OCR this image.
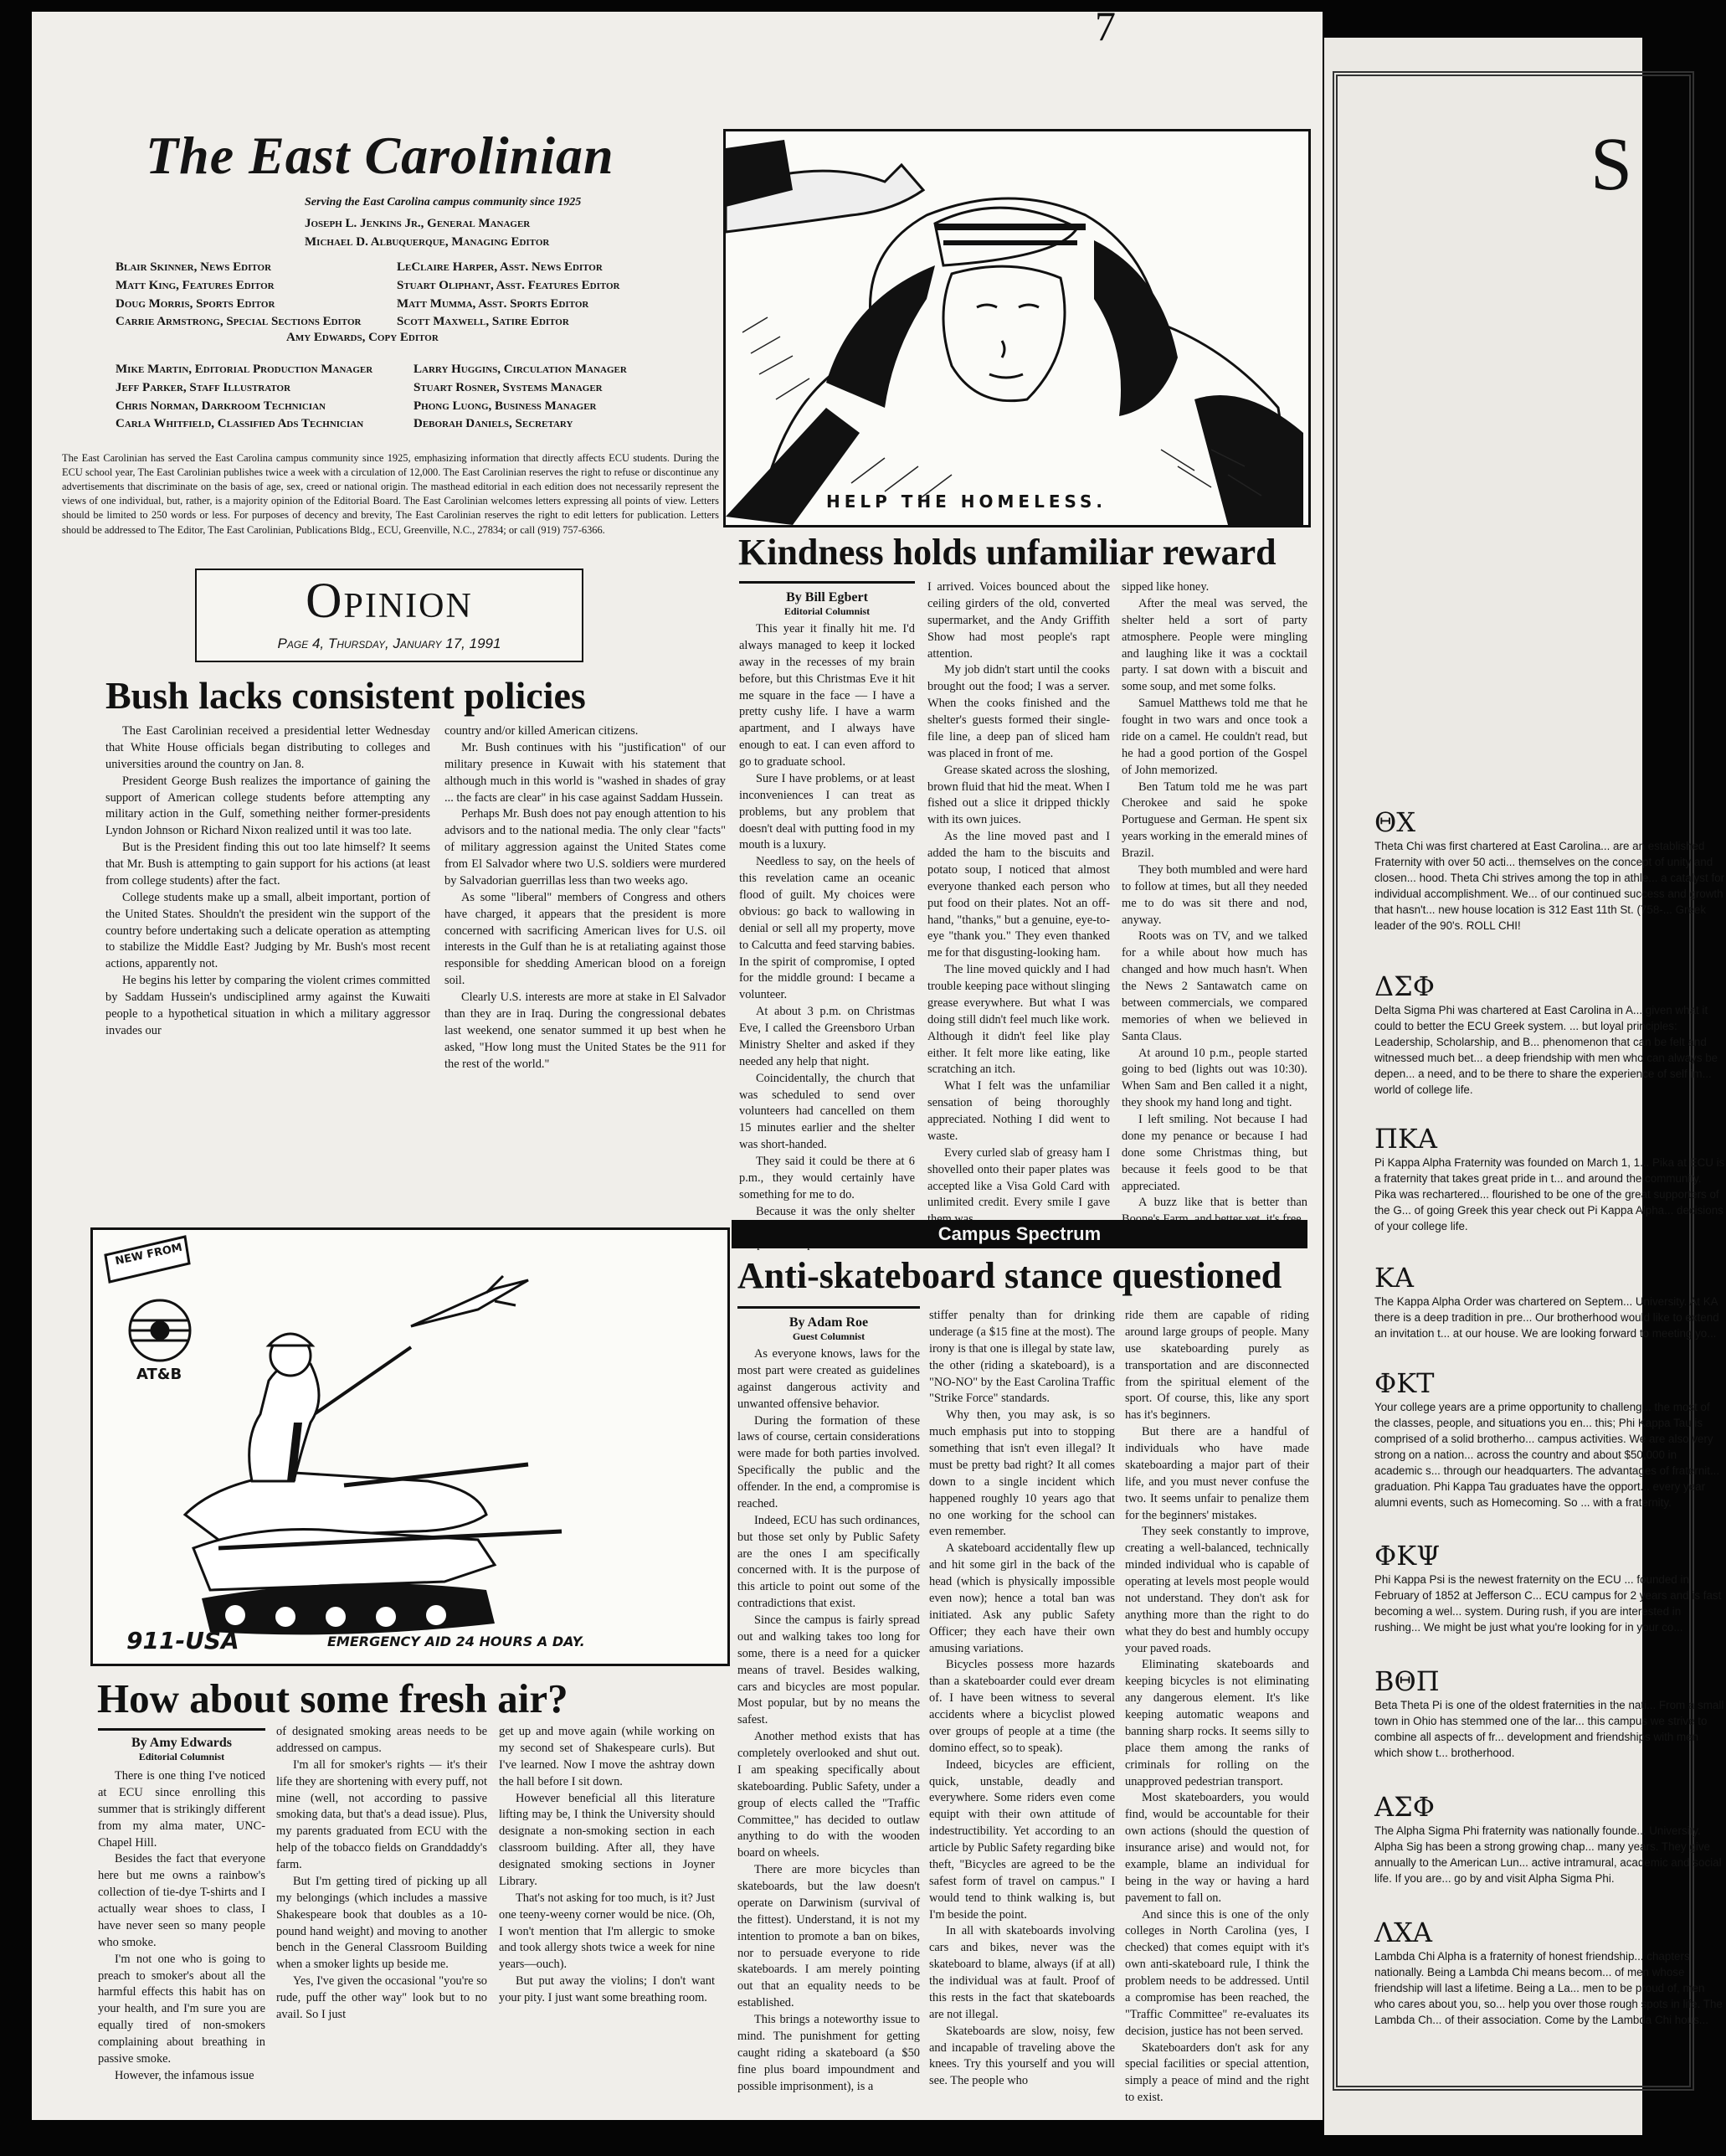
7
The East Carolinian
Serving the East Carolina campus community since 1925
Joseph L. Jenkins Jr., General Manager
Michael D. Albuquerque, Managing Editor
Blair Skinner, News Editor
Matt King, Features Editor
Doug Morris, Sports Editor
Carrie Armstrong, Special Sections Editor
LeClaire Harper, Asst. News Editor
Stuart Oliphant, Asst. Features Editor
Matt Mumma, Asst. Sports Editor
Scott Maxwell, Satire Editor
Amy Edwards, Copy Editor
Mike Martin, Editorial Production Manager
Jeff Parker, Staff Illustrator
Chris Norman, Darkroom Technician
Carla Whitfield, Classified Ads Technician
Larry Huggins, Circulation Manager
Stuart Rosner, Systems Manager
Phong Luong, Business Manager
Deborah Daniels, Secretary
The East Carolinian has served the East Carolina campus community since 1925, emphasizing information that directly affects ECU students. During the ECU school year, The East Carolinian publishes twice a week with a circulation of 12,000. The East Carolinian reserves the right to refuse or discontinue any advertisements that discriminate on the basis of age, sex, creed or national origin. The masthead editorial in each edition does not necessarily represent the views of one individual, but, rather, is a majority opinion of the Editorial Board. The East Carolinian welcomes letters expressing all points of view. Letters should be limited to 250 words or less. For purposes of decency and brevity, The East Carolinian reserves the right to edit letters for publication. Letters should be addressed to The Editor, The East Carolinian, Publications Bldg., ECU, Greenville, N.C., 27834; or call (919) 757-6366.
Opinion
Page 4, Thursday, January 17, 1991
Bush lacks consistent policies

The East Carolinian received a presidential letter Wednesday that White House officials began distributing to colleges and universities around the country on Jan. 8.

President George Bush realizes the importance of gaining the support of American college students before attempting any military action in the Gulf, something neither former-presidents Lyndon Johnson or Richard Nixon realized until it was too late.

But is the President finding this out too late himself? It seems that Mr. Bush is attempting to gain support for his actions (at least from college students) after the fact.

College students make up a small, albeit important, portion of the United States. Shouldn't the president win the support of the country before undertaking such a delicate operation as attempting to stabilize the Middle East? Judging by Mr. Bush's most recent actions, apparently not.

He begins his letter by comparing the violent crimes committed by Saddam Hussein's undisciplined army against the Kuwaiti people to a hypothetical situation in which a military aggressor invades our

country and/or killed American citizens.

Mr. Bush continues with his "justification" of our military presence in Kuwait with his statement that although much in this world is "washed in shades of gray ... the facts are clear" in his case against Saddam Hussein.

Perhaps Mr. Bush does not pay enough attention to his advisors and to the national media. The only clear "facts" of military aggression against the United States come from El Salvador where two U.S. soldiers were murdered by Salvadorian guerrillas less than two weeks ago.

As some "liberal" members of Congress and others have charged, it appears that the president is more concerned with sacrificing American lives for U.S. oil interests in the Gulf than he is at retaliating against those responsible for shedding American blood on a foreign soil.

Clearly U.S. interests are more at stake in El Salvador than they are in Iraq. During the congressional debates last weekend, one senator summed it up best when he asked, "How long must the United States be the 911 for the rest of the world."

HELP THE HOMELESS.
Kindness holds unfamiliar reward
By Bill Egbert
Editorial Columnist

This year it finally hit me. I'd always managed to keep it locked away in the recesses of my brain before, but this Christmas Eve it hit me square in the face — I have a pretty cushy life. I have a warm apartment, and I always have enough to eat. I can even afford to go to graduate school.

Sure I have problems, or at least inconveniences I can treat as problems, but any problem that doesn't deal with putting food in my mouth is a luxury.

Needless to say, on the heels of this revelation came an oceanic flood of guilt. My choices were obvious: go back to wallowing in denial or sell all my property, move to Calcutta and feed starving babies. In the spirit of compromise, I opted for the middle ground: I became a volunteer.

At about 3 p.m. on Christmas Eve, I called the Greensboro Urban Ministry Shelter and asked if they needed any help that night.

Coincidentally, the church that was scheduled to send over volunteers had cancelled on them 15 minutes earlier and the shelter was short-handed.

They said it could be there at 6 p.m., they would certainly have something for me to do.

Because it was the only shelter

I arrived. Voices bounced about the ceiling girders of the old, converted supermarket, and the Andy Griffith Show had most people's rapt attention.

My job didn't start until the cooks brought out the food; I was a server. When the cooks finished and the shelter's guests formed their single-file line, a deep pan of sliced ham was placed in front of me.

Grease skated across the sloshing, brown fluid that hid the meat. When I fished out a slice it dripped thickly with its own juices.

As the line moved past and I added the ham to the biscuits and potato soup, I noticed that almost everyone thanked each person who put food on their plates. Not an off-hand, "thanks," but a genuine, eye-to-eye "thank you." They even thanked me for that disgusting-looking ham.

The line moved quickly and I had trouble keeping pace without slinging grease everywhere. But what I was doing still didn't feel much like work. Although it didn't feel like play either. It felt more like eating, like scratching an itch.

What I felt was the unfamiliar sensation of being thoroughly appreciated. Nothing I did went to waste.

Every curled slab of greasy ham I shovelled onto their paper plates was accepted like a Visa Gold Card with unlimited credit. Every smile I gave

sipped like honey.

After the meal was served, the shelter held a sort of party atmosphere. People were mingling and laughing like it was a cocktail party. I sat down with a biscuit and some soup, and met some folks.

Samuel Matthews told me that he fought in two wars and once took a ride on a camel. He couldn't read, but he had a good portion of the Gospel of John memorized.

Ben Tatum told me he was part Cherokee and said he spoke Portuguese and German. He spent six years working in the emerald mines of Brazil.

They both mumbled and were hard to follow at times, but all they needed me to do was sit there and nod, anyway.

Roots was on TV, and we talked for a while about how much has changed and how much hasn't. When the News 2 Santawatch came on between commercials, we compared memories of when we believed in Santa Claus.

At around 10 p.m., people started going to bed (lights out was 10:30). When Sam and Ben called it a night, they shook my hand long and tight.

I left smiling. Not because I had done my penance or because I had done some Christmas thing, but because it feels good to be that appreciated.

A buzz like that is better than

NEW FROM
AT&B
911-USA	EMERGENCY AID 24 HOURS A DAY.
How about some fresh air?
By Amy Edwards
Editorial Columnist

There is one thing I've noticed at ECU since enrolling this summer that is strikingly different from my alma mater, UNC-Chapel Hill.

Besides the fact that everyone here but me owns a rainbow's collection of tie-dye T-shirts and I actually wear shoes to class, I have never seen so many people who smoke.

I'm not one who is going to preach to smoker's about all the harmful effects this habit has on your health, and I'm sure you are equally tired of non-smokers complaining about breathing in passive smoke.

However, the infamous issue

of designated smoking areas needs to be addressed on campus.

I'm all for smoker's rights — it's their life they are shortening with every puff, not mine (well, not according to passive smoking data, but that's a dead issue). Plus, my parents graduated from ECU with the help of the tobacco fields on Granddaddy's farm.

But I'm getting tired of picking up all my belongings (which includes a massive Shakespeare book that doubles as a 10-pound hand weight) and moving to another bench in the General Classroom Building when a smoker lights up beside me.

Yes, I've given the occasional "you're so rude, puff the other way" look but to no avail. So I just

get up and move again (while working on my second set of Shakespeare curls). But I've learned. Now I move the ashtray down the hall before I sit down.

However beneficial all this literature lifting may be, I think the University should designate a non-smoking section in each classroom building. After all, they have designated smoking sections in Joyner Library.

That's not asking for too much, is it? Just one teeny-weeny corner would be nice. (Oh, I won't mention that I'm allergic to smoke and took allergy shots twice a week for nine years—ouch).

But put away the violins; I don't want your pity. I just want some breathing room.

Campus Spectrum
Anti-skateboard stance questioned
By Adam Roe
Guest Columnist

As everyone knows, laws for the most part were created as guidelines against dangerous activity and unwanted offensive behavior.

During the formation of these laws of course, certain considerations were made for both parties involved. Specifically the public and the offender. In the end, a compromise is reached.

Indeed, ECU has such ordinances, but those set only by Public Safety are the ones I am specifically concerned with. It is the purpose of this article to point out some of the contradictions that exist.

Since the campus is fairly spread out and walking takes too long for some, there is a need for a quicker means of travel. Besides walking, cars and bicycles are most popular. Most popular, but by no means the safest.

Another method exists that has completely overlooked and shut out. I am speaking specifically about skateboarding. Public Safety, under a group of elects called the "Traffic Committee," has decided to outlaw anything to do with the wooden board on wheels.

There are more bicycles than skateboards, but the law doesn't operate on Darwinism (survival of the fittest). Understand, it is not my intention to promote a ban on bikes, nor to persuade everyone to ride skateboards. I am merely pointing out that an equality needs to be established.

This brings a noteworthy issue to mind. The punishment for getting caught riding a skateboard (a $50 fine plus board impoundment and possible imprisonment), is a

stiffer penalty than for drinking underage (a $15 fine at the most). The irony is that one is illegal by state law, the other (riding a skateboard), is a "NO-NO" by the East Carolina Traffic "Strike Force" standards.

Why then, you may ask, is so much emphasis put into to stopping something that isn't even illegal? It must be pretty bad right? It all comes down to a single incident which happened roughly 10 years ago that no one working for the school can even remember.

A skateboard accidentally flew up and hit some girl in the back of the head (which is physically impossible even now); hence a total ban was initiated. Ask any public Safety Officer; they each have their own amusing variations.

Bicycles possess more hazards than a skateboarder could ever dream of. I have been witness to several accidents where a bicyclist plowed over groups of people at a time (the domino effect, so to speak).

Indeed, bicycles are efficient, quick, unstable, deadly and everywhere. Some riders even come equipt with their own attitude of indestructibility. Yet according to an article by Public Safety regarding bike theft, "Bicycles are agreed to be the safest form of travel on campus." I would tend to think walking is, but I'm beside the point.

In all with skateboards involving cars and bikes, never was the skateboard to blame, always (if at all) the individual was at fault. Proof of this rests in the fact that skateboards are not illegal.

Skateboards are slow, noisy, few and incapable of traveling above the knees. Try this yourself and you will see. The people who

ride them are capable of riding around large groups of people. Many use skateboarding purely as transportation and are disconnected from the spiritual element of the sport. Of course, this, like any sport has it's beginners.

But there are a handful of individuals who have made skateboarding a major part of their life, and you must never confuse the two. It seems unfair to penalize them for the beginners' mistakes.

They seek constantly to improve, creating a well-balanced, technically minded individual who is capable of operating at levels most people would not understand. They don't ask for anything more than the right to do what they do best and humbly occupy your paved roads.

Eliminating skateboards and keeping bicycles is not eliminating any dangerous element. It's like keeping automatic weapons and banning sharp rocks. It seems silly to place them among the ranks of criminals for rolling on the unapproved pedestrian transport.

Most skateboarders, you would find, would be accountable for their own actions (should the question of insurance arise) and would not, for example, blame an individual for being in the way or having a hard pavement to fall on.

And since this is one of the only colleges in North Carolina (yes, I checked) that comes equipt with it's own anti-skateboard rule, I think the problem needs to be addressed. Until a compromise has been reached, the "Traffic Committee" re-evaluates its decision, justice has not been served.

Skateboarders don't ask for any special facilities or special attention, simply a peace of mind and the right to exist.

S
ΘΧ
Theta Chi was first chartered at East Carolina... are an established Fraternity with over 50 acti... themselves on the concept of unity and closen... hood. Theta Chi strives among the top in athle... a catalyst for individual accomplishment. We... of our continued success and growth that hasn't... new house location is 312 East 11th St. (758-... Greek leader of the 90's. ROLL CHI!
ΔΣΦ
Delta Sigma Phi was chartered at East Carolina in A... given what it could to better the ECU Greek system. ... but loyal principles: Leadership, Scholarship, and B... phenomenon that can be felt and witnessed much bet... a deep friendship with men who can always be depen... a need, and to be there to share the experience of self im... world of college life.
ΠΚΑ
Pi Kappa Alpha Fraternity was founded on March 1, 1... Pika at ECU is a fraternity that takes great pride in t... and around the community. Pika was rechartered... flourished to be one of the great supporters of the G... of going Greek this year check out Pi Kappa Alpha... decisions of your college life.
ΚΑ
The Kappa Alpha Order was chartered on Septem... University. At KA there is a deep tradition in pre... Our brotherhood would like to extend an invitation t... at our house. We are looking forward to meeting yo...
ΦΚΤ
Your college years are a prime opportunity to challeng... the most of the classes, people, and situations you en... this; Phi Kappa Tau is comprised of a solid brotherho... campus activities. We are also very strong on a nation... across the country and about $50,000 in academic s... through our headquarters. The advantages of fraternit... graduation. Phi Kappa Tau graduates have the opport... every year alumni events, such as Homecoming. So ... with a fraternity.
ΦΚΨ
Phi Kappa Psi is the newest fraternity on the ECU ... founded in February of 1852 at Jefferson C... ECU campus for 2 years and is fast becoming a wel... system. During rush, if you are interested in rushing... We might be just what you're looking for in your co...
ΒΘΠ
Beta Theta Pi is one of the oldest fraternities in the nati... From a small town in Ohio has stemmed one of the lar... this campus we strive to combine all aspects of fr... development and friendships with men which show t... brotherhood.
ΑΣΦ
The Alpha Sigma Phi fraternity was nationally founde... University. Alpha Sig has been a strong growing chap... many years. They give annually to the American Lun... active intramural, academic and social life. If you are... go by and visit Alpha Sigma Phi.
ΛΧΑ
Lambda Chi Alpha is a fraternity of honest friendship... chapters nationally. Being a Lambda Chi means becom... of men whose friendship will last a lifetime. Being a La... men to be proud of, men who cares about you, so... help you over those rough spots in life. The Lambda Ch... of their association. Come by the Lambda Chi hous...
